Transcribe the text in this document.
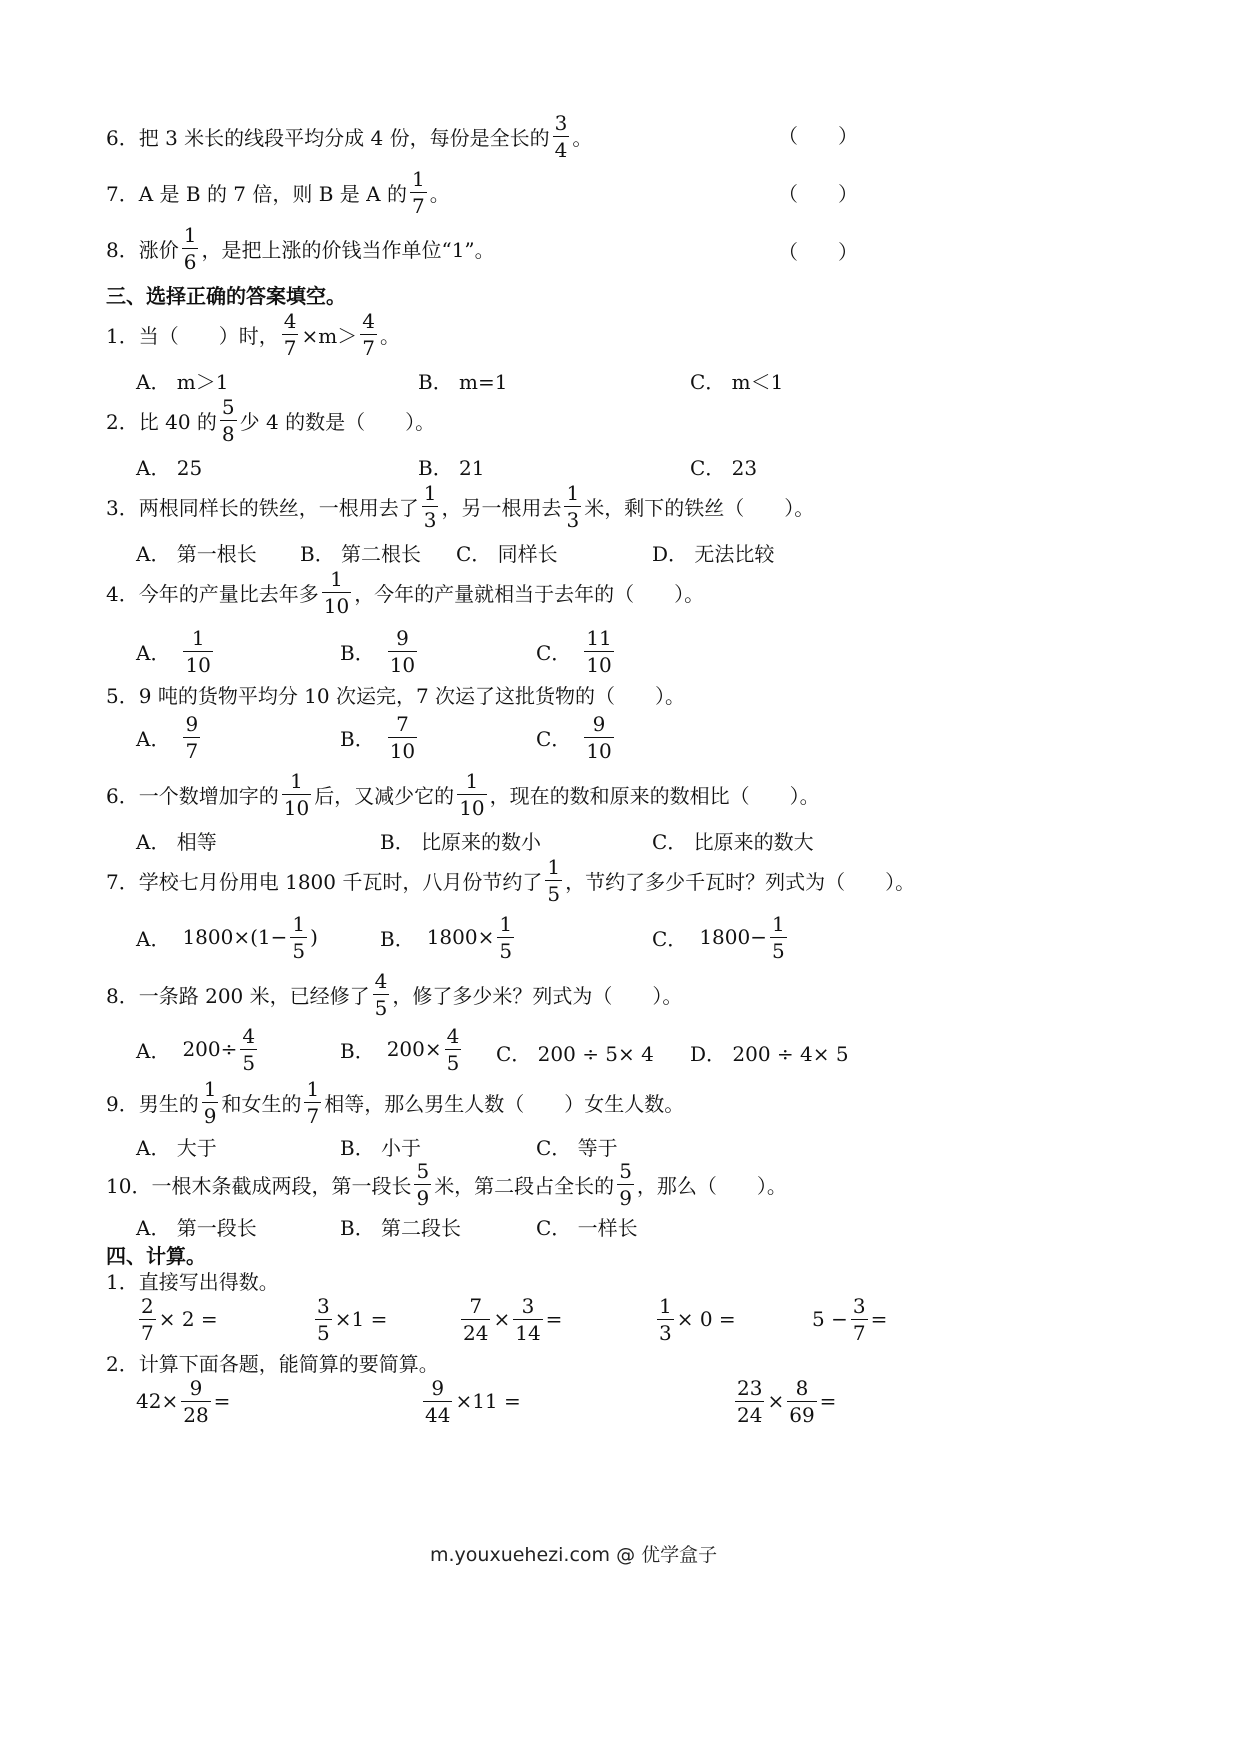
6． 把 3 米长的线段平均分成 4 份，每份是全长的
3
4 。	（　　）
7． A 是 B 的 7 倍，则 B 是 A 的
1
7 。	（　　）
8． 涨价
1
6 ，是把上涨的价钱当作单位“1”。	（　　）
三、选择正确的答案填空。
1． 当（　　）时，
4
7 ×m＞
4
7 。
A． m＞1	B． m=1	C． m＜1
2． 比 40 的
5
8 少 4 的数是（　　）。
A． 25	B． 21	C． 23
3． 两根同样长的铁丝，一根用去了
1
3 ，另一根用去
1
3 米，剩下的铁丝（　　）。
A． 第一根长 B． 第二根长 C． 同样长	D． 无法比较
4． 今年的产量比去年多
1
10 ，今年的产量就相当于去年的（　　）。
A．
1
10	B．
9
10	C．
11
10
5． 9 吨的货物平均分 10 次运完，7 次运了这批货物的（　　）。
A．
9
7	B．
7
10	C．
9
10
6． 一个数增加字的
1
10 后，又减少它的
1
10 ，现在的数和原来的数相比（　　）。
A． 相等	B． 比原来的数小	C． 比原来的数大
7． 学校七月份用电 1800 千瓦时，八月份节约了
1
5 ，节约了多少千瓦时？列式为（　　）。
A． 1800×(1−
1
5
)	B． 1800×
1
5	C． 1800−
1
5
8． 一条路 200 米，已经修了
4
5 ，修了多少米？列式为（　　）。
A． 200÷
4
5	B． 200×
4
5 C． 200 ÷ 5× 4 D． 200 ÷ 4× 5
9． 男生的
1
9 和女生的
1
7 相等，那么男生人数（　　）女生人数。
A． 大于	B． 小于	C． 等于
10． 一根木条截成两段，第一段长
5
9 米，第二段占全长的
5
9 ，那么（　　）。
A． 第一段长	B． 第二段长	C． 一样长
四、计算。
1．直接写出得数。
2
7
× 2 =
3
5
×1 =
7
24
×
3
14
=
1
3
× 0 =	5 −
3
7
=
2．计算下面各题，能简算的要简算。
42×
9
28
=
9
44
×11 =
23
24
×
8
69
=
m.youxuehezi.com @ 优学盒子
